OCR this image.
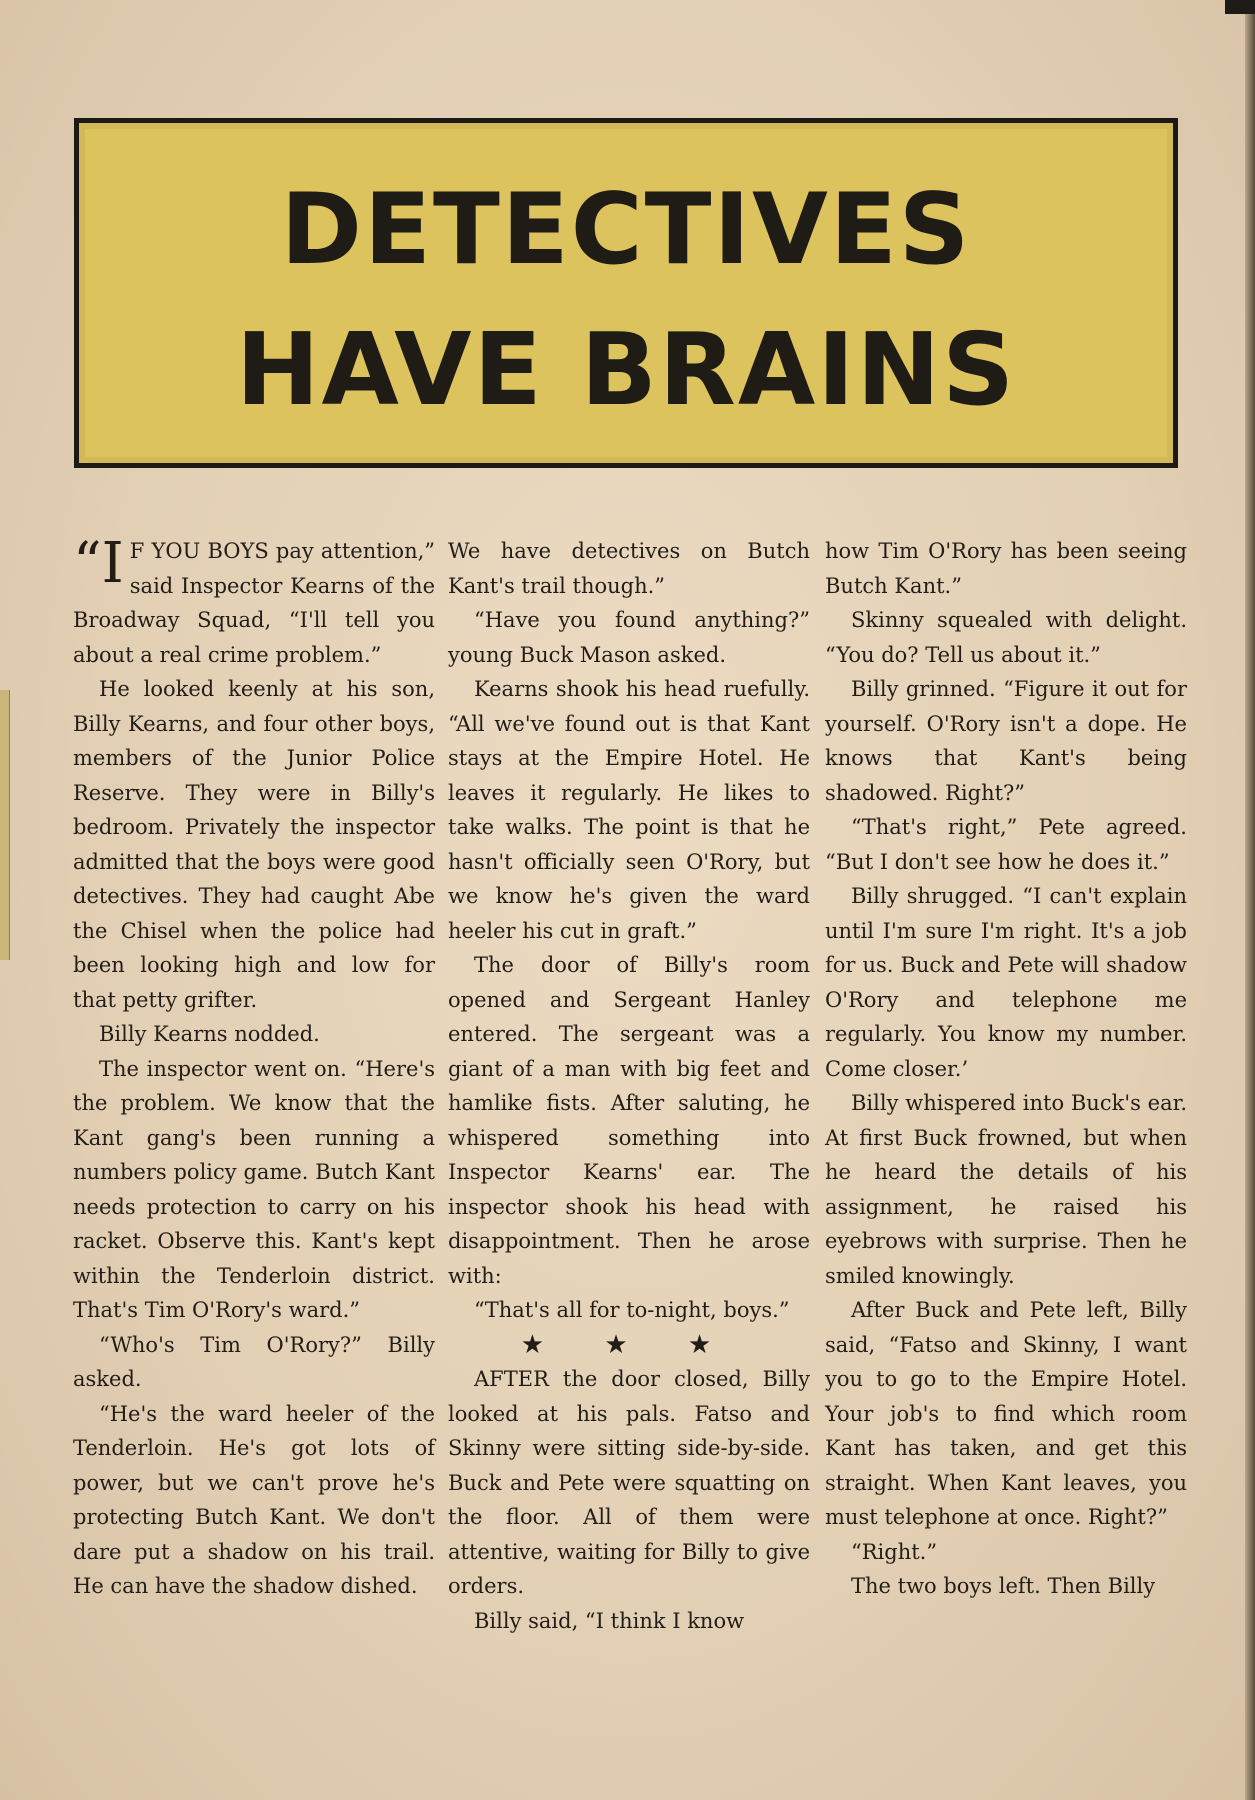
DETECTIVES
HAVE BRAINS

“I F YOU BOYS pay attention,” said Inspector Kearns of the Broadway Squad, “I'll tell you about a real crime problem.”

He looked keenly at his son, Billy Kearns, and four other boys, members of the Junior Police Reserve. They were in Billy's bedroom. Privately the inspector admitted that the boys were good detectives. They had caught Abe the Chisel when the police had been looking high and low for that petty grifter.

Billy Kearns nodded.

The inspector went on. “Here's the problem. We know that the Kant gang's been running a numbers policy game. Butch Kant needs protection to carry on his racket. Observe this. Kant's kept within the Tenderloin district. That's Tim O'Rory's ward.”

“Who's Tim O'Rory?” Billy asked.

“He's the ward heeler of the Tenderloin. He's got lots of power, but we can't prove he's protecting Butch Kant. We don't dare put a shadow on his trail. He can have the shadow dished.

We have detectives on Butch Kant's trail though.”

“Have you found anything?” young Buck Mason asked.

Kearns shook his head ruefully. “All we've found out is that Kant stays at the Empire Hotel. He leaves it regularly. He likes to take walks. The point is that he hasn't officially seen O'Rory, but we know he's given the ward heeler his cut in graft.”

The door of Billy's room opened and Sergeant Hanley entered. The sergeant was a giant of a man with big feet and hamlike fists. After saluting, he whispered something into Inspector Kearns' ear. The inspector shook his head with disappointment. Then he arose with:

“That's all for to-night, boys.”

★ ★ ★

AFTER the door closed, Billy looked at his pals. Fatso and Skinny were sitting side-by-side. Buck and Pete were squatting on the floor. All of them were attentive, waiting for Billy to give orders.

Billy said, “I think I know

how Tim O'Rory has been seeing Butch Kant.”

Skinny squealed with delight. “You do? Tell us about it.”

Billy grinned. “Figure it out for yourself. O'Rory isn't a dope. He knows that Kant's being shadowed. Right?”

“That's right,” Pete agreed. “But I don't see how he does it.”

Billy shrugged. “I can't explain until I'm sure I'm right. It's a job for us. Buck and Pete will shadow O'Rory and telephone me regularly. You know my number. Come closer.’

Billy whispered into Buck's ear. At first Buck frowned, but when he heard the details of his assignment, he raised his eyebrows with surprise. Then he smiled knowingly.

After Buck and Pete left, Billy said, “Fatso and Skinny, I want you to go to the Empire Hotel. Your job's to find which room Kant has taken, and get this straight. When Kant leaves, you must telephone at once. Right?”

“Right.”

The two boys left. Then Billy
